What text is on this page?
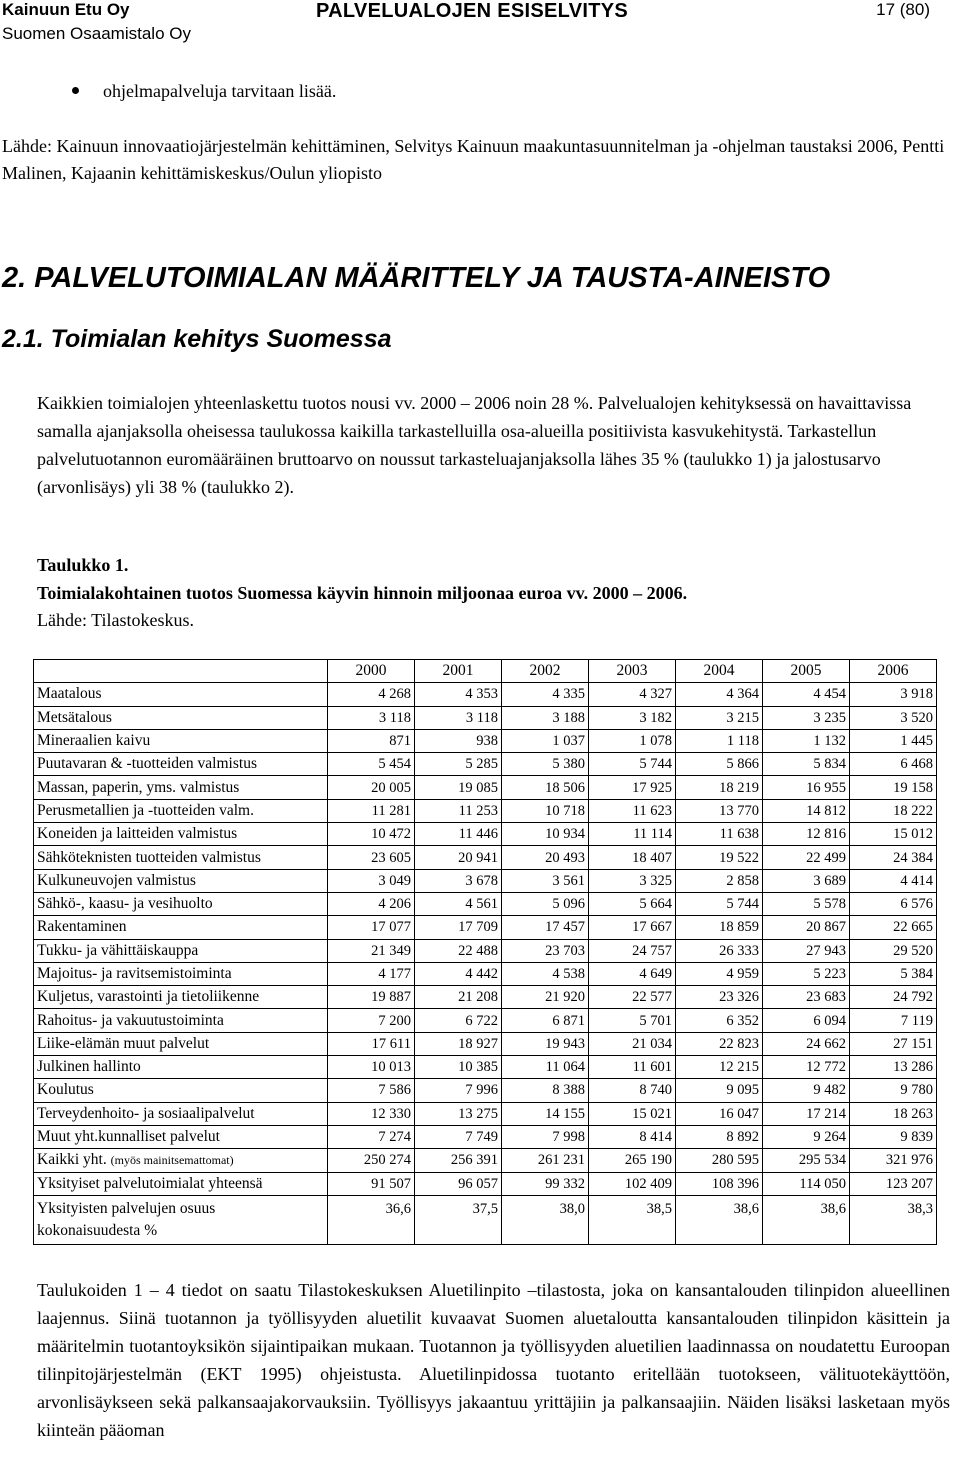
Kainuun Etu Oy
Suomen Osaamistalo Oy
PALVELUALOJEN ESISELVITYS	17 (80)
ohjelmapalveluja tarvitaan lisää.
Lähde: Kainuun innovaatiojärjestelmän kehittäminen, Selvitys Kainuun maakuntasuunnitelman ja -ohjelman taustaksi 2006, Pentti Malinen, Kajaanin kehittämiskeskus/Oulun yliopisto
2. PALVELUTOIMIALAN MÄÄRITTELY JA TAUSTA-AINEISTO
2.1. Toimialan kehitys Suomessa
Kaikkien toimialojen yhteenlaskettu tuotos nousi vv. 2000 – 2006 noin 28 %. Palvelualojen kehityksessä on havaittavissa samalla ajanjaksolla oheisessa taulukossa kaikilla tarkastelluilla osa-alueilla positiivista kasvukehitystä. Tarkastellun palvelutuotannon euromääräinen bruttoarvo on noussut tarkasteluajanjaksolla lähes 35 % (taulukko 1) ja jalostusarvo (arvonlisäys) yli 38 % (taulukko 2).
Taulukko 1.
Toimialakohtainen tuotos Suomessa käyvin hinnoin miljoonaa euroa vv. 2000 – 2006.
Lähde: Tilastokeskus.
	2000	2001	2002	2003	2004	2005	2006
Maatalous	4 268	4 353	4 335	4 327	4 364	4 454	3 918
Metsätalous	3 118	3 118	3 188	3 182	3 215	3 235	3 520
Mineraalien kaivu	871	938	1 037	1 078	1 118	1 132	1 445
Puutavaran & -tuotteiden valmistus	5 454	5 285	5 380	5 744	5 866	5 834	6 468
Massan, paperin, yms. valmistus	20 005	19 085	18 506	17 925	18 219	16 955	19 158
Perusmetallien ja -tuotteiden valm.	11 281	11 253	10 718	11 623	13 770	14 812	18 222
Koneiden ja laitteiden valmistus	10 472	11 446	10 934	11 114	11 638	12 816	15 012
Sähköteknisten tuotteiden valmistus	23 605	20 941	20 493	18 407	19 522	22 499	24 384
Kulkuneuvojen valmistus	3 049	3 678	3 561	3 325	2 858	3 689	4 414
Sähkö-, kaasu- ja vesihuolto	4 206	4 561	5 096	5 664	5 744	5 578	6 576
Rakentaminen	17 077	17 709	17 457	17 667	18 859	20 867	22 665
Tukku- ja vähittäiskauppa	21 349	22 488	23 703	24 757	26 333	27 943	29 520
Majoitus- ja ravitsemistoiminta	4 177	4 442	4 538	4 649	4 959	5 223	5 384
Kuljetus, varastointi ja tietoliikenne	19 887	21 208	21 920	22 577	23 326	23 683	24 792
Rahoitus- ja vakuutustoiminta	7 200	6 722	6 871	5 701	6 352	6 094	7 119
Liike-elämän muut palvelut	17 611	18 927	19 943	21 034	22 823	24 662	27 151
Julkinen hallinto	10 013	10 385	11 064	11 601	12 215	12 772	13 286
Koulutus	7 586	7 996	8 388	8 740	9 095	9 482	9 780
Terveydenhoito- ja sosiaalipalvelut	12 330	13 275	14 155	15 021	16 047	17 214	18 263
Muut yht.kunnalliset palvelut	7 274	7 749	7 998	8 414	8 892	9 264	9 839
Kaikki yht. (myös mainitsemattomat)	250 274	256 391	261 231	265 190	280 595	295 534	321 976
Yksityiset palvelutoimialat yhteensä	91 507	96 057	99 332	102 409	108 396	114 050	123 207

Yksityisten palvelujen osuus
kokonaisuudesta %	36,6	37,5	38,0	38,5	38,6	38,6	38,3
Taulukoiden 1 – 4 tiedot on saatu Tilastokeskuksen Aluetilinpito –tilastosta, joka on kansantalouden tilinpidon alueellinen laajennus. Siinä tuotannon ja työllisyyden aluetilit kuvaavat Suomen aluetaloutta kansantalouden tilinpidon käsittein ja määritelmin tuotantoyksikön sijaintipaikan mukaan. Tuotannon ja työllisyyden aluetilien laadinnassa on noudatettu Euroopan tilinpitojärjestelmän (EKT 1995) ohjeistusta. Aluetilinpidossa tuotanto eritellään tuotokseen, välituotekäyttöön, arvonlisäykseen sekä palkansaajakorvauksiin. Työllisyys jakaantuu yrittäjiin ja palkansaajiin. Näiden lisäksi lasketaan myös kiinteän pääoman
